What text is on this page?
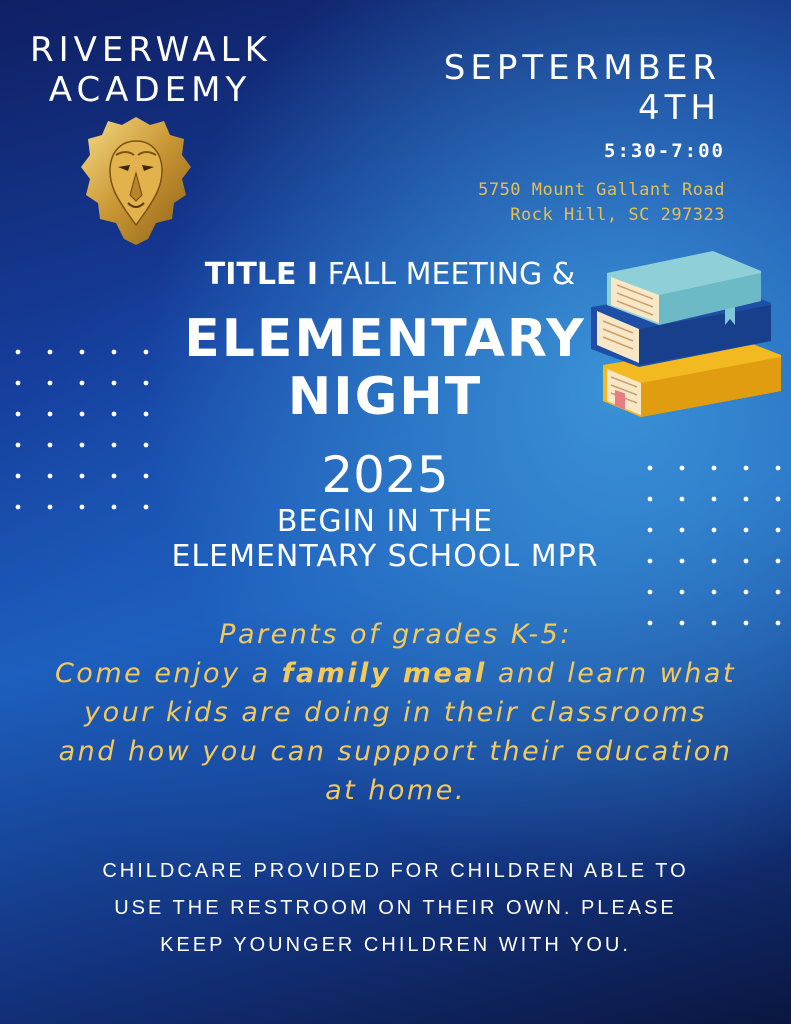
RIVERWALK
ACADEMY
SEPTERMBER
4TH
5:30-7:00
5750 Mount Gallant Road
Rock Hill, SC 297323
TITLE I FALL MEETING &
ELEMENTARY
NIGHT
2025
BEGIN IN THE
ELEMENTARY SCHOOL MPR
Parents of grades K-5:
Come enjoy a family meal and learn what
your kids are doing in their classrooms
and how you can suppport their education
at home.
CHILDCARE PROVIDED FOR CHILDREN ABLE TO
USE THE RESTROOM ON THEIR OWN. PLEASE
KEEP YOUNGER CHILDREN WITH YOU.
